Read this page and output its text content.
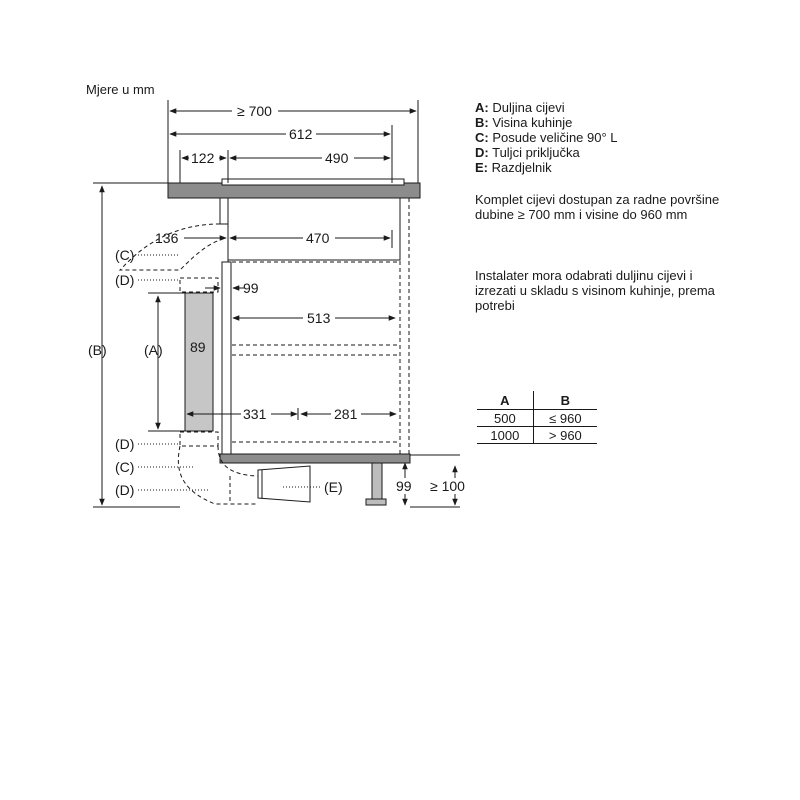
Mjere u mm
≥ 700
612
122	490
136	470
99
513
89
331	281
99 ≥ 100
(C)
(D)
(B)	(A)
(D)
(C)
(D)	(E)
A: Duljina cijevi
B: Visina kuhinje
C: Posude veličine 90° L
D: Tuljci priključka
E: Razdjelnik
Komplet cijevi dostupan za radne površine dubine ≥ 700 mm i visine do 960 mm
Instalater mora odabrati duljinu cijevi i izrezati u skladu s visinom kuhinje, prema potrebi
A	B
500	≤ 960
1000	> 960
